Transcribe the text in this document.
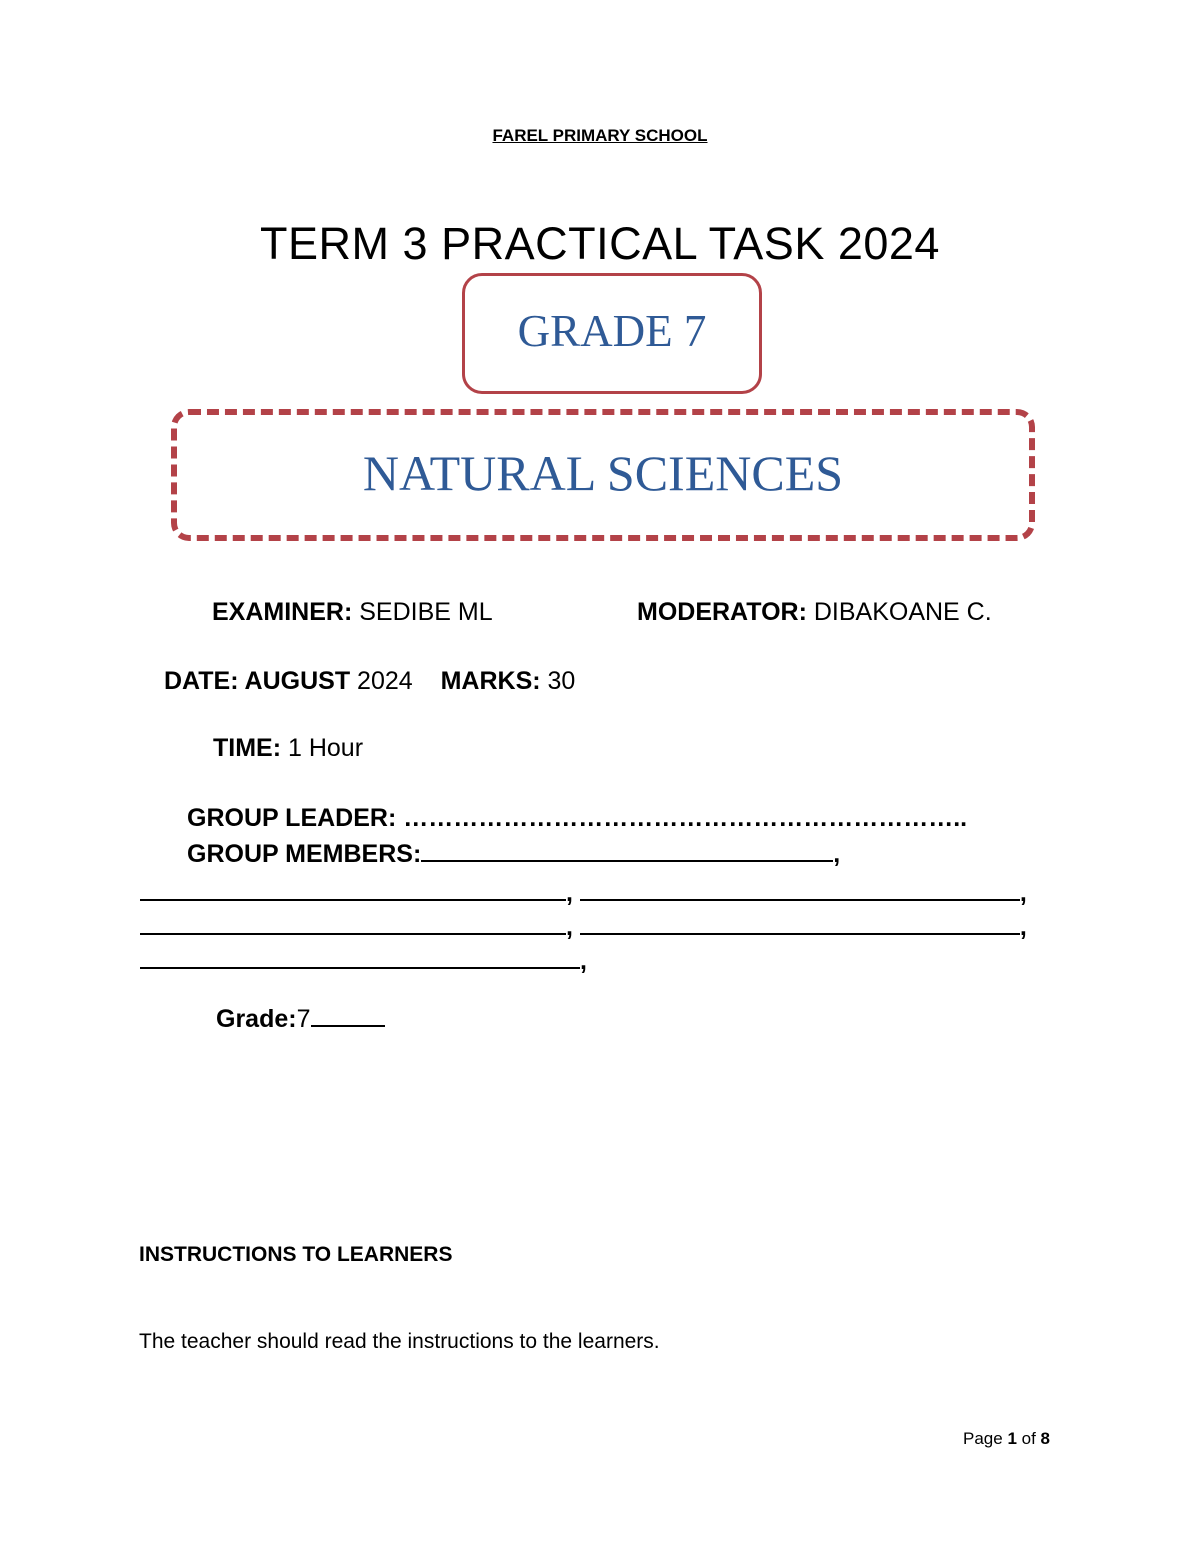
FAREL PRIMARY SCHOOL
TERM 3 PRACTICAL TASK 2024
GRADE 7
NATURAL SCIENCES
EXAMINER: SEDIBE ML	MODERATOR: DIBAKOANE C.
DATE: AUGUST 2024 MARKS: 30
TIME: 1 Hour
GROUP LEADER: …………………………………………………………..
GROUP MEMBERS:	,
,	,
,	,
,
Grade:7
INSTRUCTIONS TO LEARNERS
The teacher should read the instructions to the learners.
Page 1 of 8
